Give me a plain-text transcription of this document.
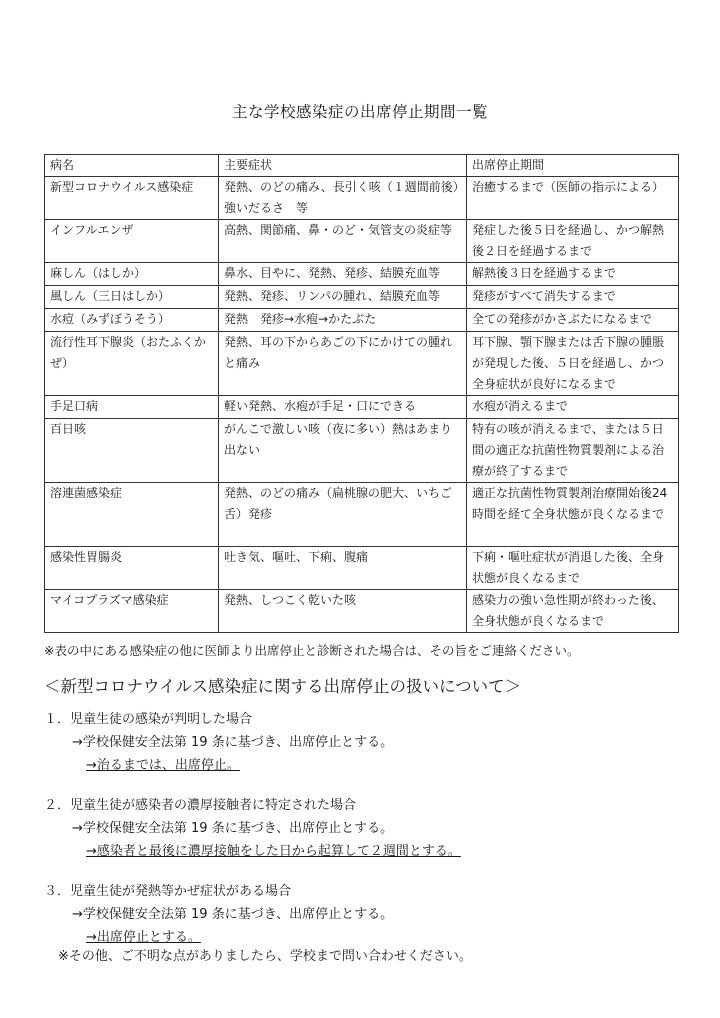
主な学校感染症の出席停止期間一覧
病名	主要症状	出席停止期間
新型コロナウイルス感染症	発熱、のどの痛み、長引く咳（１週間前後）強いだるさ　等	治癒するまで（医師の指示による）
インフルエンザ	高熱、関節痛、鼻・のど・気管支の炎症等	発症した後５日を経過し、かつ解熱後２日を経過するまで
麻しん（はしか）	鼻水、目やに、発熱、発疹、結膜充血等	解熱後３日を経過するまで
風しん（三日はしか）	発熱、発疹、リンパの腫れ、結膜充血等	発疹がすべて消失するまで
水痘（みずぼうそう）	発熱　発疹→水疱→かたぶた	全ての発疹がかさぶたになるまで
流行性耳下腺炎（おたふくかぜ）	発熱、耳の下からあごの下にかけての腫れと痛み	耳下腺、顎下腺または舌下腺の腫脹が発現した後、５日を経過し、かつ全身症状が良好になるまで
手足口病	軽い発熱、水疱が手足・口にできる	水疱が消えるまで
百日咳	がんこで激しい咳（夜に多い）熱はあまり出ない	特有の咳が消えるまで、または５日間の適正な抗菌性物質製剤による治療が終了するまで
溶連菌感染症	発熱、のどの痛み（扁桃腺の肥大、いちご舌）発疹	適正な抗菌性物質製剤治療開始後24 時間を経て全身状態が良くなるまで
感染性胃腸炎	吐き気、嘔吐、下痢、腹痛	下痢・嘔吐症状が消退した後、全身状態が良くなるまで
マイコプラズマ感染症	発熱、しつこく乾いた咳	感染力の強い急性期が終わった後、全身状態が良くなるまで
※表の中にある感染症の他に医師より出席停止と診断された場合は、その旨をご連絡ください。
＜新型コロナウイルス感染症に関する出席停止の扱いについて＞
１．児童生徒の感染が判明した場合
→学校保健安全法第 19 条に基づき、出席停止とする。
→治るまでは、出席停止。
２．児童生徒が感染者の濃厚接触者に特定された場合
→学校保健安全法第 19 条に基づき、出席停止とする。
→感染者と最後に濃厚接触をした日から起算して２週間とする。
３．児童生徒が発熱等かぜ症状がある場合
→学校保健安全法第 19 条に基づき、出席停止とする。
→出席停止とする。
※その他、ご不明な点がありましたら、学校まで問い合わせください。
